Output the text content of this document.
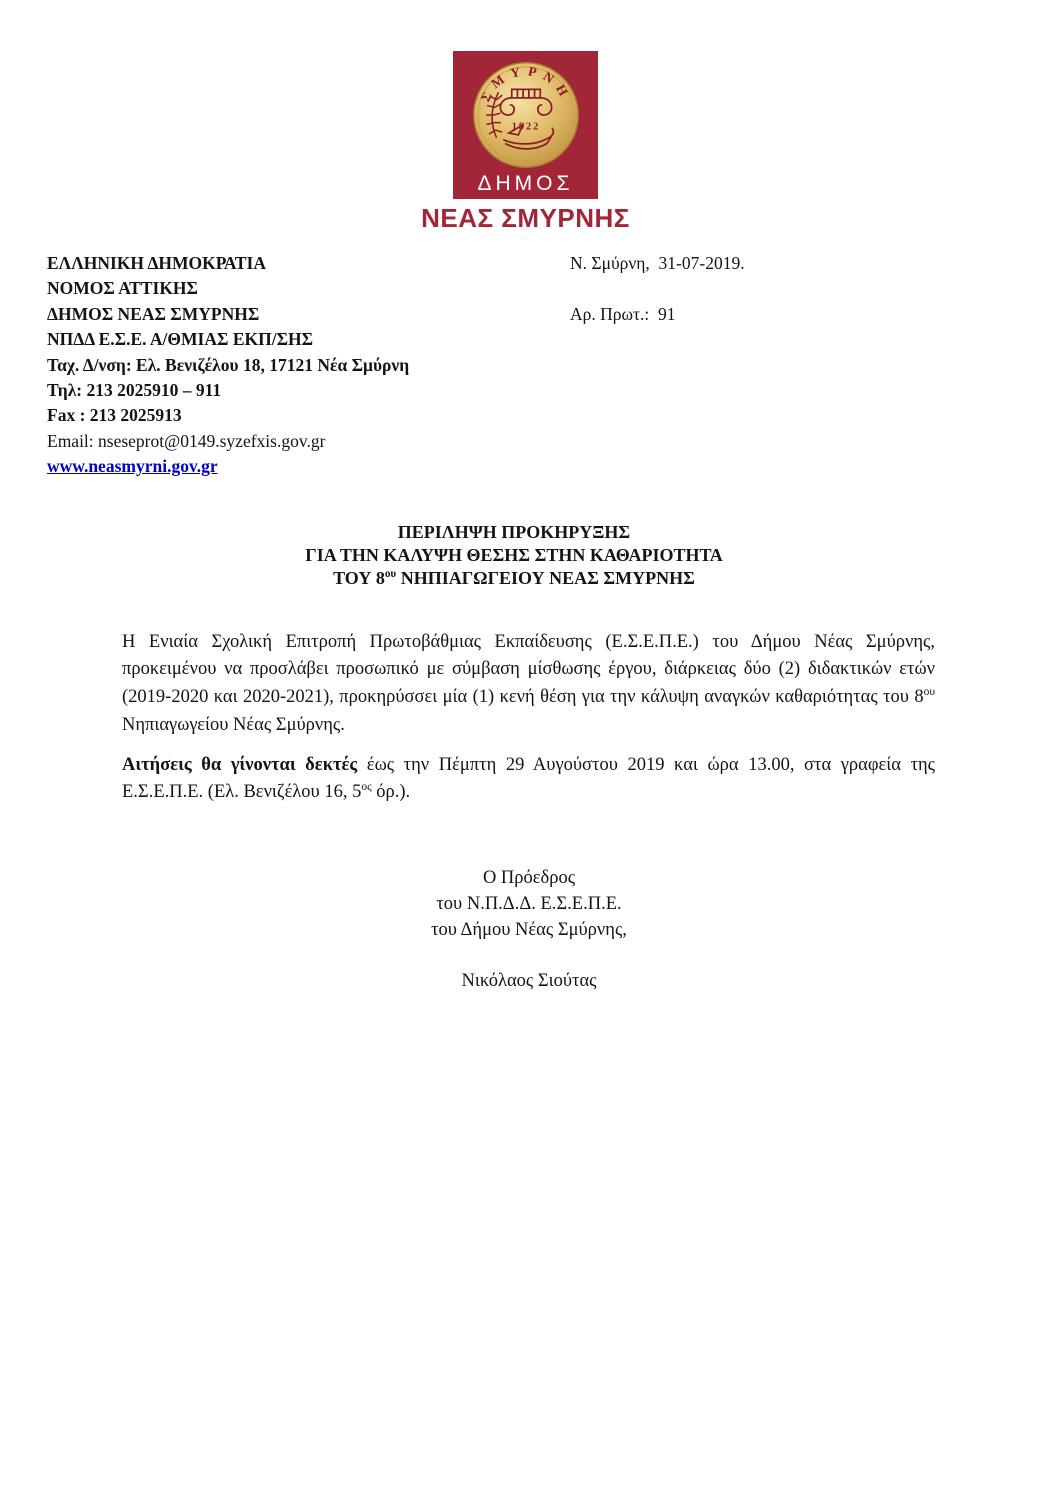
ΣΜΥΡΝΗ
1922
ΔΗΜΟΣ
ΝΕΑΣ ΣΜΥΡΝΗΣ
ΕΛΛΗΝΙΚΗ ΔΗΜΟΚΡΑΤΙΑ
ΝΟΜΟΣ ΑΤΤΙΚΗΣ
ΔΗΜΟΣ ΝΕΑΣ ΣΜΥΡΝΗΣ
ΝΠΔΔ Ε.Σ.Ε. Α/ΘΜΙΑΣ ΕΚΠ/ΣΗΣ
Ταχ. Δ/νση: Ελ. Βενιζέλου 18, 17121 Νέα Σμύρνη
Τηλ: 213 2025910 – 911
Fax : 213 2025913
Email: nseseprot@0149.syzefxis.gov.gr
www.neasmyrni.gov.gr
Ν. Σμύρνη,  31-07-2019.
Αρ. Πρωτ.:  91
ΠΕΡΙΛΗΨΗ ΠΡΟΚΗΡΥΞΗΣ
ΓΙΑ ΤΗΝ ΚΑΛΥΨΗ ΘΕΣΗΣ ΣΤΗΝ ΚΑΘΑΡΙΟΤΗΤΑ
ΤΟΥ $8^{o\upsilon}$ ΝΗΠΙΑΓΩΓΕΙΟΥ ΝΕΑΣ ΣΜΥΡΝΗΣ

Η Ενιαία Σχολική Επιτροπή Πρωτοβάθμιας Εκπαίδευσης (Ε.Σ.Ε.Π.Ε.) του Δήμου Νέας Σμύρνης, προκειμένου να προσλάβει προσωπικό με σύμβαση μίσθωσης έργου, διάρκειας δύο (2) διδακτικών ετών (2019-2020 και 2020-2021), προκηρύσσει μία (1) κενή θέση για την κάλυψη αναγκών καθαριότητας του $8^{o\upsilon}$ Νηπιαγωγείου Νέας Σμύρνης.

Αιτήσεις θα γίνονται δεκτές έως την Πέμπτη 29 Αυγούστου 2019 και ώρα 13.00, στα γραφεία της Ε.Σ.Ε.Π.Ε. (Ελ. Βενιζέλου 16, $5^{o\varsigma}$ όρ.).

Ο Πρόεδρος
του Ν.Π.Δ.Δ. Ε.Σ.Ε.Π.Ε.
του Δήμου Νέας Σμύρνης,
Νικόλαος Σιούτας
